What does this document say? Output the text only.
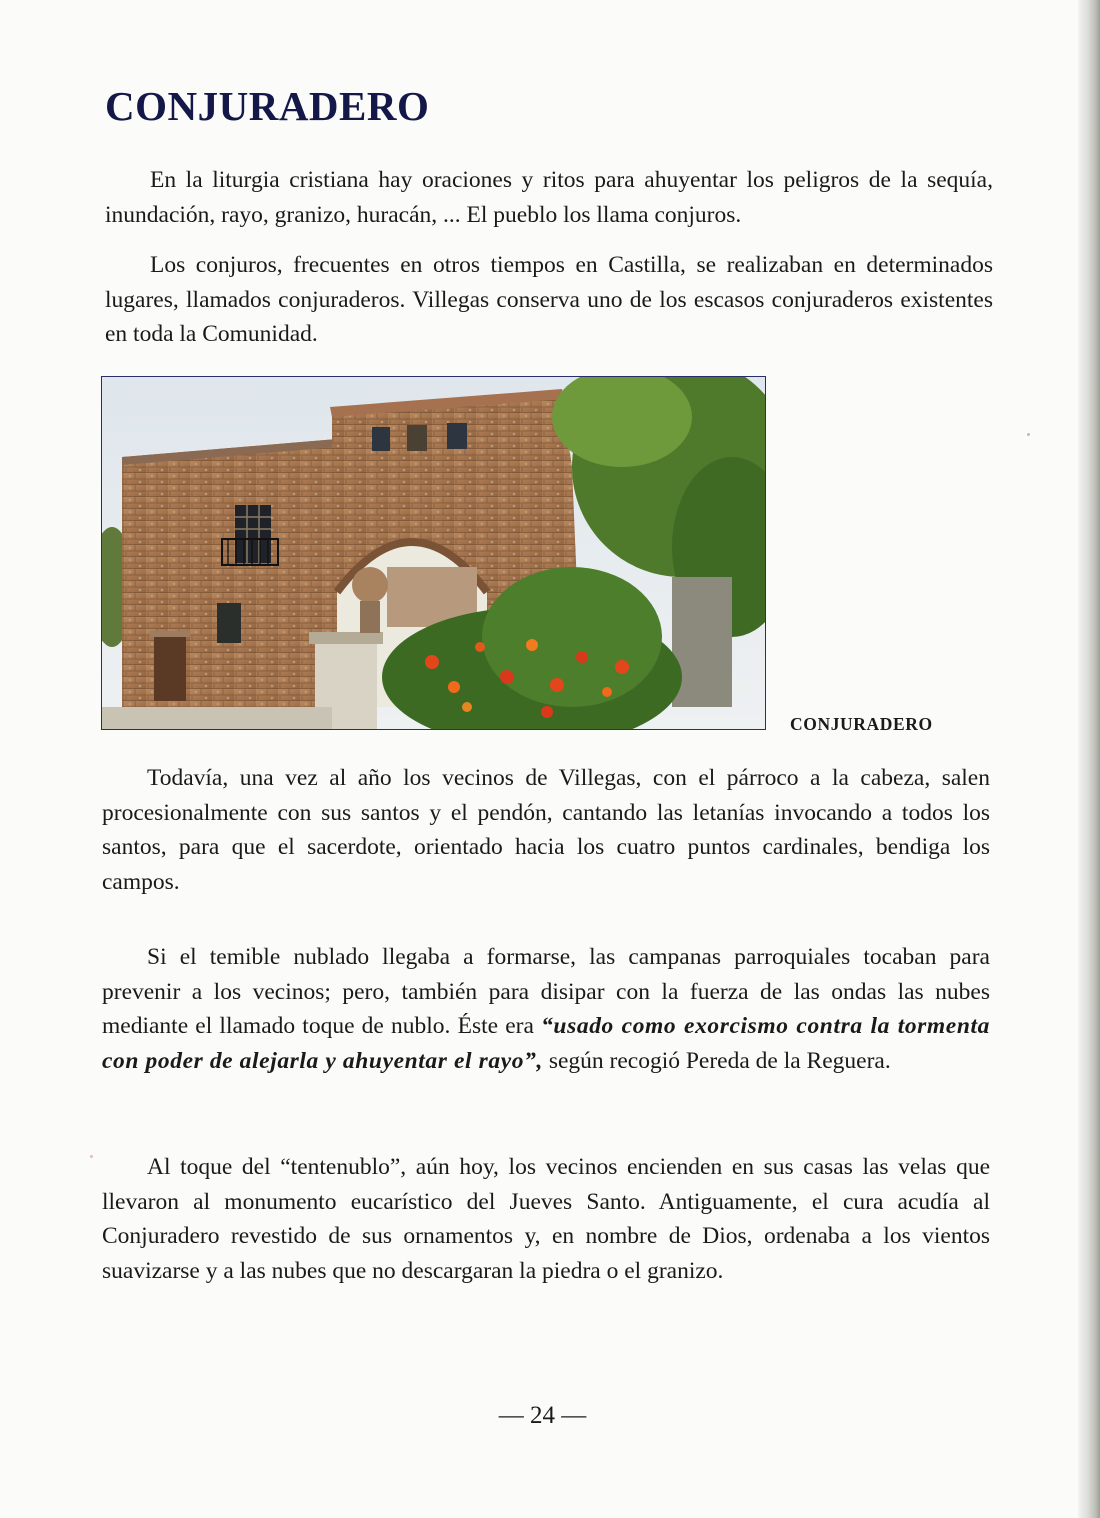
CONJURADERO

En la liturgia cristiana hay oraciones y ritos para ahuyentar los peligros de la sequía, inundación, rayo, granizo, huracán, ... El pueblo los llama conjuros.

Los conjuros, frecuentes en otros tiempos en Castilla, se realizaban en determinados lugares, llamados conjuraderos. Villegas conserva uno de los escasos conjuraderos existentes en toda la Comunidad.

CONJURADERO

Todavía, una vez al año los vecinos de Villegas, con el párroco a la cabeza, salen procesionalmente con sus santos y el pendón, cantando las letanías invocando a todos los santos, para que el sacerdote, orientado hacia los cuatro puntos cardinales, bendiga los campos.

Si el temible nublado llegaba a formarse, las campanas parroquiales tocaban para prevenir a los vecinos; pero, también para disipar con la fuerza de las ondas las nubes mediante el llamado toque de nublo. Éste era “usado como exorcismo contra la tormenta con poder de alejarla y ahuyentar el rayo”, según recogió Pereda de la Reguera.

Al toque del “tentenublo”, aún hoy, los vecinos encienden en sus casas las velas que llevaron al monumento eucarístico del Jueves Santo. Antiguamente, el cura acudía al Conjuradero revestido de sus ornamentos y, en nombre de Dios, ordenaba a los vientos suavizarse y a las nubes que no descargaran la piedra o el granizo.

— 24 —
